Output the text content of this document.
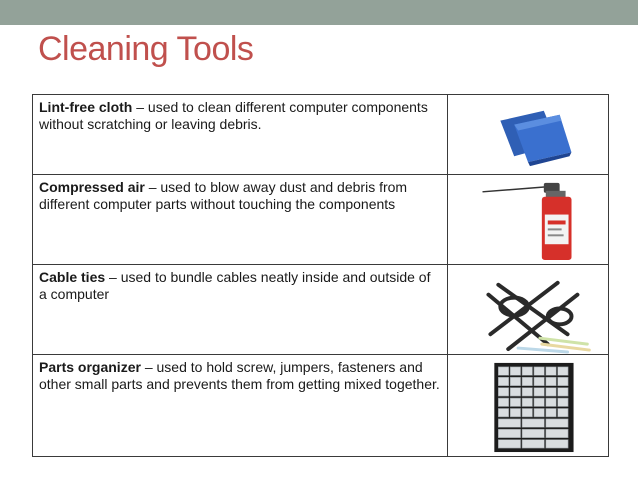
Cleaning Tools
Lint-free cloth – used to clean different computer components without scratching or leaving debris.	

Compressed air – used to blow away dust and debris from different computer parts without touching the components	

Cable ties – used to bundle cables neatly inside and outside of a computer	

Parts organizer – used to hold screw, jumpers, fasteners and other small parts and prevents them from getting mixed together.	
